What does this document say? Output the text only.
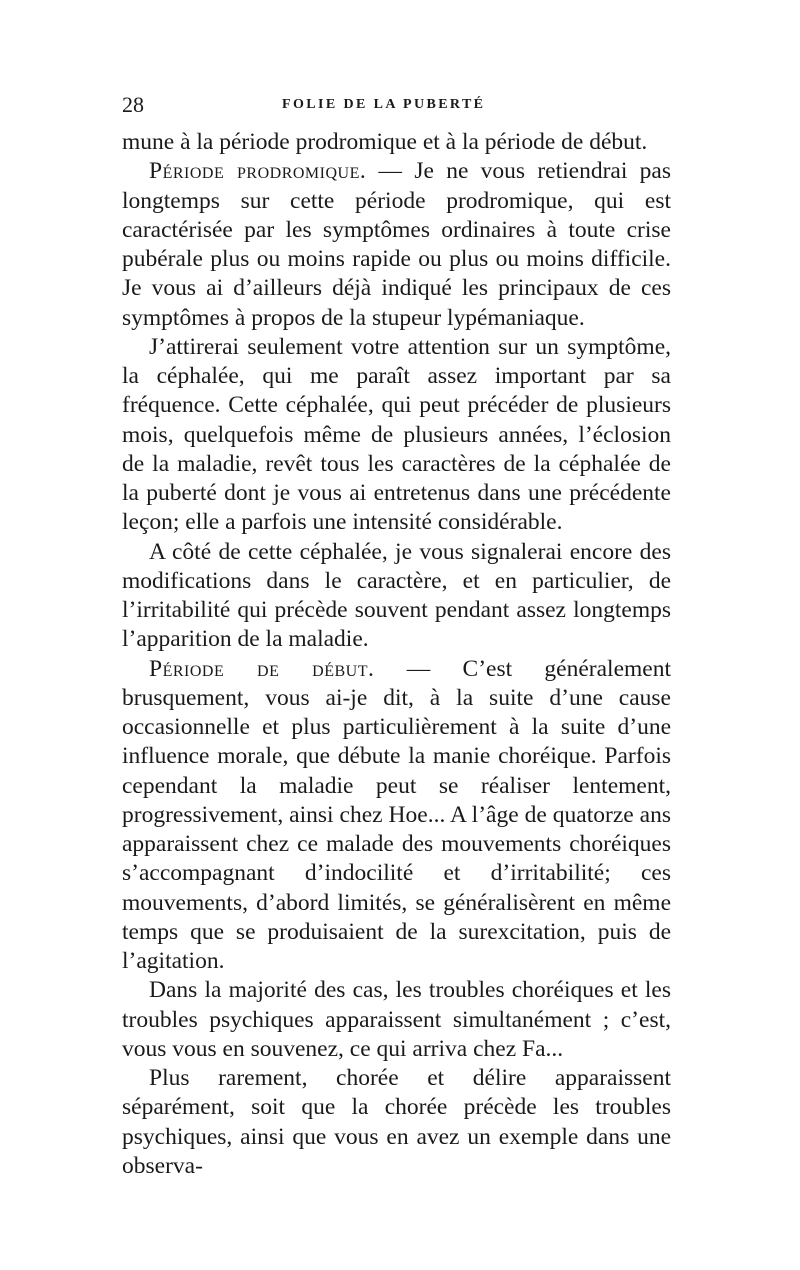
28	FOLIE DE LA PUBERTÉ

mune à la période prodromique et à la période de début.

Période prodromique. — Je ne vous retiendrai pas longtemps sur cette période prodromique, qui est caractérisée par les symptômes ordinaires à toute crise pubérale plus ou moins rapide ou plus ou moins difficile. Je vous ai d’ailleurs déjà indiqué les principaux de ces symptômes à propos de la stupeur lypémaniaque.

J’attirerai seulement votre attention sur un symptôme, la céphalée, qui me paraît assez important par sa fréquence. Cette céphalée, qui peut précéder de plusieurs mois, quelquefois même de plusieurs années, l’éclosion de la maladie, revêt tous les caractères de la céphalée de la puberté dont je vous ai entretenus dans une précédente leçon; elle a parfois une intensité considérable.

A côté de cette céphalée, je vous signalerai encore des modifications dans le caractère, et en particulier, de l’irritabilité qui précède souvent pendant assez longtemps l’apparition de la maladie.

Période de début. — C’est généralement brusquement, vous ai-je dit, à la suite d’une cause occasionnelle et plus particulièrement à la suite d’une influence morale, que débute la manie choréique. Parfois cependant la maladie peut se réaliser lentement, progressivement, ainsi chez Hoe... A l’âge de quatorze ans apparaissent chez ce malade des mouvements choréiques s’accompagnant d’indocilité et d’irritabilité; ces mouvements, d’abord limités, se généralisèrent en même temps que se produisaient de la surexcitation, puis de l’agitation.

Dans la majorité des cas, les troubles choréiques et les troubles psychiques apparaissent simultanément ; c’est, vous vous en souvenez, ce qui arriva chez Fa...

Plus rarement, chorée et délire apparaissent séparément, soit que la chorée précède les troubles psychiques, ainsi que vous en avez un exemple dans une observa-
